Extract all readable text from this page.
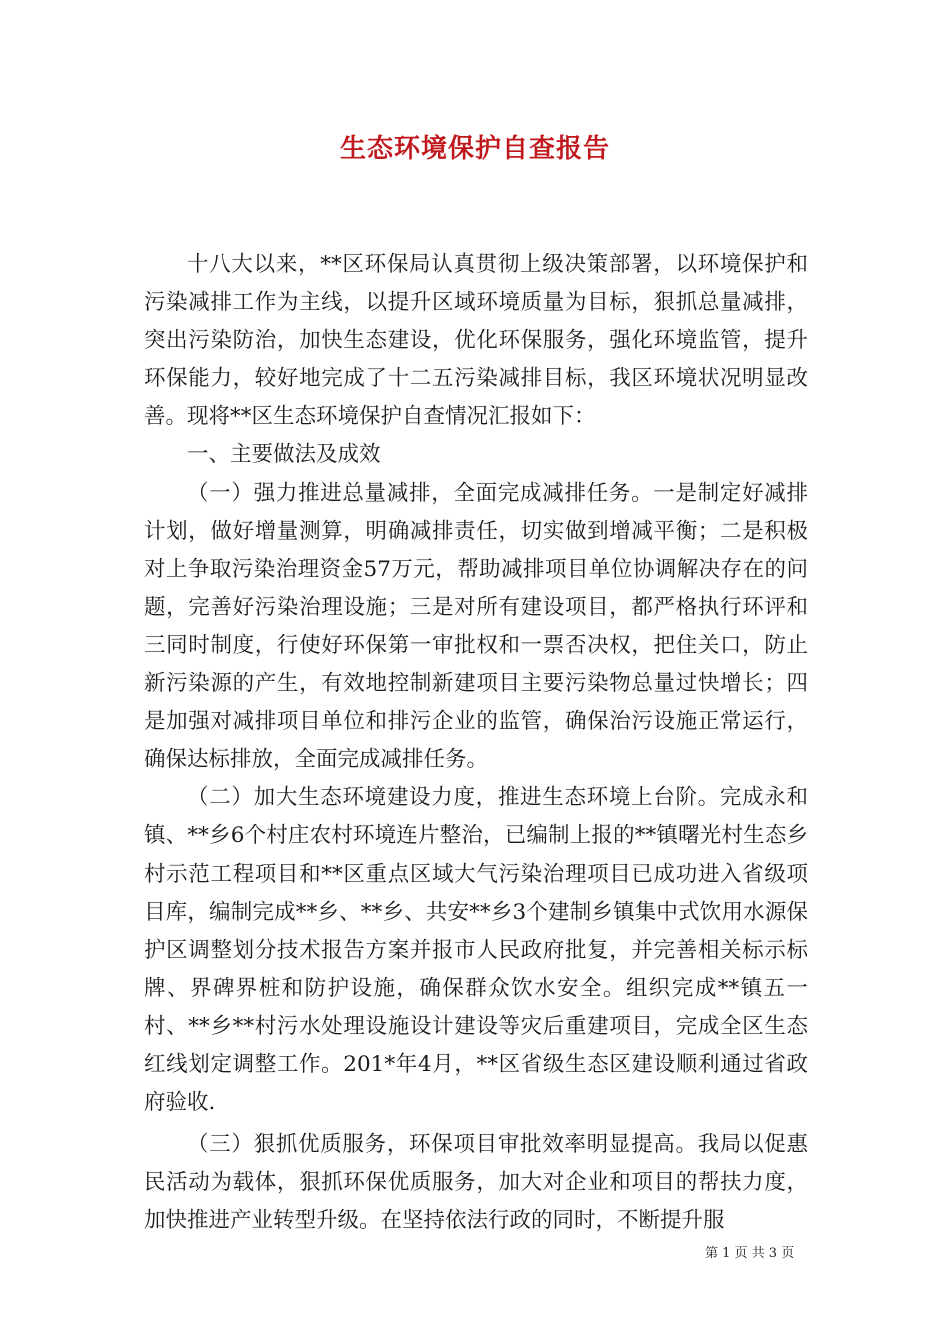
生态环境保护自查报告

十八大以来，**区环保局认真贯彻上级决策部署，以环境保护和污染减排工作为主线，以提升区域环境质量为目标，狠抓总量减排，突出污染防治，加快生态建设，优化环保服务，强化环境监管，提升环保能力，较好地完成了十二五污染减排目标，我区环境状况明显改善。现将**区生态环境保护自查情况汇报如下：

一、主要做法及成效

（一）强力推进总量减排，全面完成减排任务。一是制定好减排计划，做好增量测算，明确减排责任，切实做到增减平衡；二是积极对上争取污染治理资金57万元，帮助减排项目单位协调解决存在的问题，完善好污染治理设施；三是对所有建设项目，都严格执行环评和三同时制度，行使好环保第一审批权和一票否决权，把住关口，防止新污染源的产生，有效地控制新建项目主要污染物总量过快增长；四是加强对减排项目单位和排污企业的监管，确保治污设施正常运行，确保达标排放，全面完成减排任务。

（二）加大生态环境建设力度，推进生态环境上台阶。完成永和镇、**乡6个村庄农村环境连片整治，已编制上报的**镇曙光村生态乡村示范工程项目和**区重点区域大气污染治理项目已成功进入省级项目库，编制完成**乡、**乡、共安**乡3个建制乡镇集中式饮用水源保护区调整划分技术报告方案并报市人民政府批复，并完善相关标示标牌、界碑界桩和防护设施，确保群众饮水安全。组织完成**镇五一村、**乡**村污水处理设施设计建设等灾后重建项目，完成全区生态红线划定调整工作。201*年4月，**区省级生态区建设顺利通过省政府验收.

（三）狠抓优质服务，环保项目审批效率明显提高。我局以促惠民活动为载体，狠抓环保优质服务，加大对企业和项目的帮扶力度，加快推进产业转型升级。在坚持依法行政的同时，不断提升服

第 1 页 共 3 页
